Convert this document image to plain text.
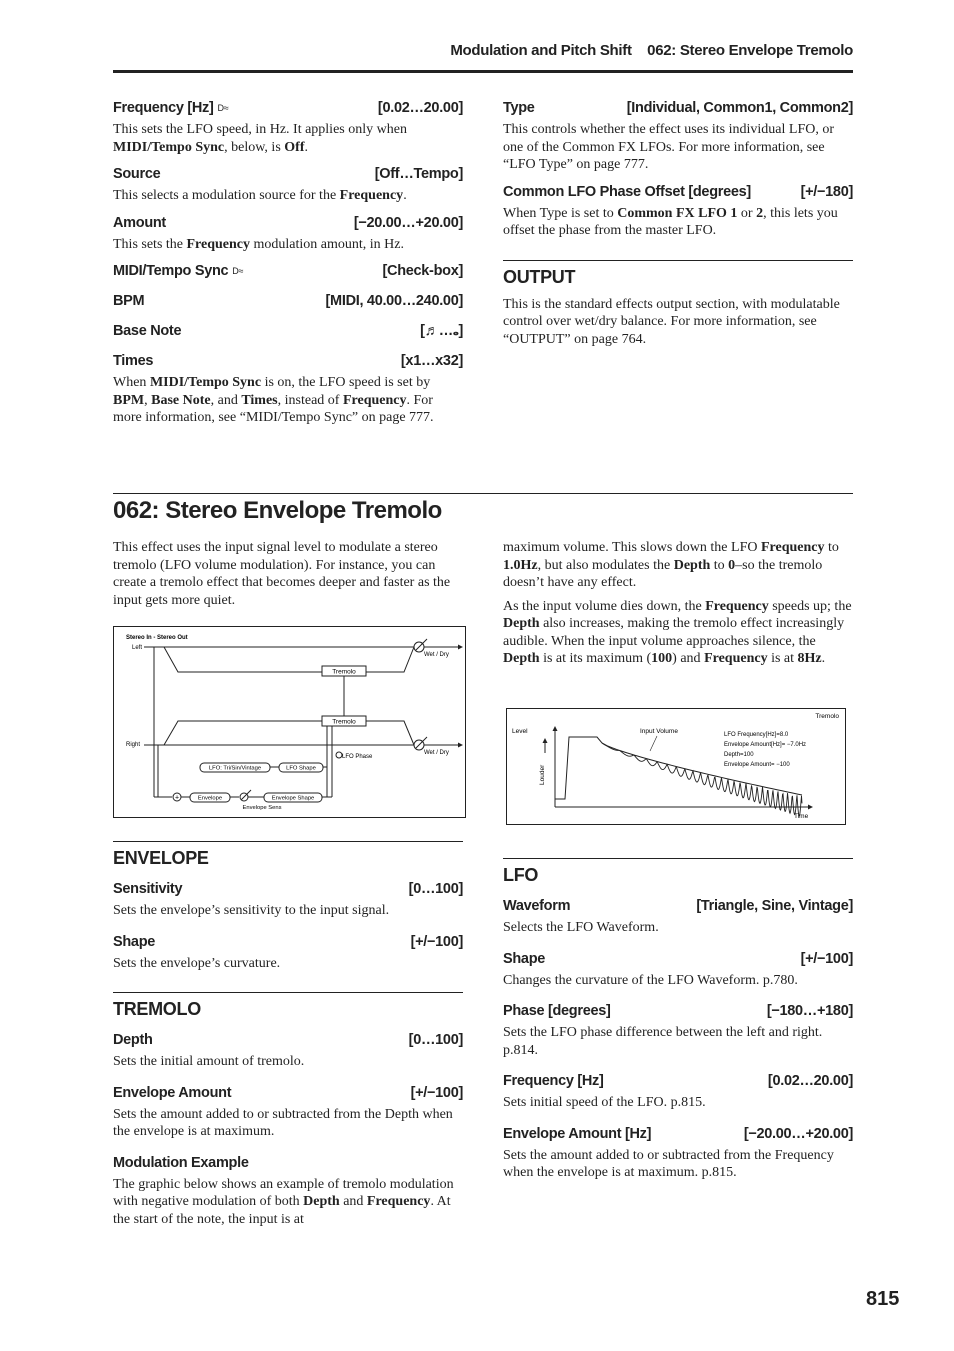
Modulation and Pitch Shift    062: Stereo Envelope Tremolo
Frequency [Hz] D≈	[0.02…20.00]
This sets the LFO speed, in Hz. It applies only when MIDI/Tempo Sync, below, is Off.
Source	[Off…Tempo]
This selects a modulation source for the Frequency.
Amount	[−20.00…+20.00]
This sets the Frequency modulation amount, in Hz.
MIDI/Tempo Sync D≈	[Check-box]
BPM	[MIDI, 40.00…240.00]
Base Note	[♬…𝅝]
Times	[x1…x32]
When MIDI/Tempo Sync is on, the LFO speed is set by BPM, Base Note, and Times, instead of Frequency. For more information, see “MIDI/Tempo Sync” on page 777.
Type	[Individual, Common1, Common2]
This controls whether the effect uses its individual LFO, or one of the Common FX LFOs. For more information, see “LFO Type” on page 777.
Common LFO Phase Offset [degrees]	[+/−180]
When Type is set to Common FX LFO 1 or 2, this lets you offset the phase from the master LFO.
OUTPUT
This is the standard effects output section, with modulatable control over wet/dry balance. For more information, see “OUTPUT” on page 764.
062: Stereo Envelope Tremolo
This effect uses the input signal level to modulate a stereo tremolo (LFO volume modulation). For instance, you can create a tremolo effect that becomes deeper and faster as the input gets more quiet.
maximum volume. This slows down the LFO Frequency to 1.0Hz, but also modulates the Depth to 0–so the tremolo doesn’t have any effect.
As the input volume dies down, the Frequency speeds up; the Depth also increases, making the tremolo effect increasingly audible. When the input volume approaches silence, the Depth is at its maximum (100) and Frequency is at 8Hz.
Stereo In - Stereo Out
Left
Right
Tremolo
Tremolo
Wet / Dry
Wet / Dry
LFO Phase
LFO: Tri/Sin/Vintage	LFO Shape
+	Envelope	Envelope Shape
Envelope Sens
Tremolo
Level
Louder
Time
Input Volume	LFO Frequency[Hz]=8.0
Envelope Amount[Hz]= −7.0Hz
Depth=100
Envelope Amount= −100
ENVELOPE
Sensitivity	[0…100]
Sets the envelope’s sensitivity to the input signal.
Shape	[+/−100]
Sets the envelope’s curvature.
TREMOLO
Depth	[0…100]
Sets the initial amount of tremolo.
Envelope Amount	[+/−100]
Sets the amount added to or subtracted from the Depth when the envelope is at maximum.
Modulation Example
The graphic below shows an example of tremolo modulation with negative modulation of both Depth and Frequency. At the start of the note, the input is at
LFO
Waveform	[Triangle, Sine, Vintage]
Selects the LFO Waveform.
Shape	[+/−100]
Changes the curvature of the LFO Waveform. p.780.
Phase [degrees]	[−180…+180]
Sets the LFO phase difference between the left and right. p.814.
Frequency [Hz]	[0.02…20.00]
Sets initial speed of the LFO. p.815.
Envelope Amount [Hz]	[−20.00…+20.00]
Sets the amount added to or subtracted from the Frequency when the envelope is at maximum. p.815.
815
